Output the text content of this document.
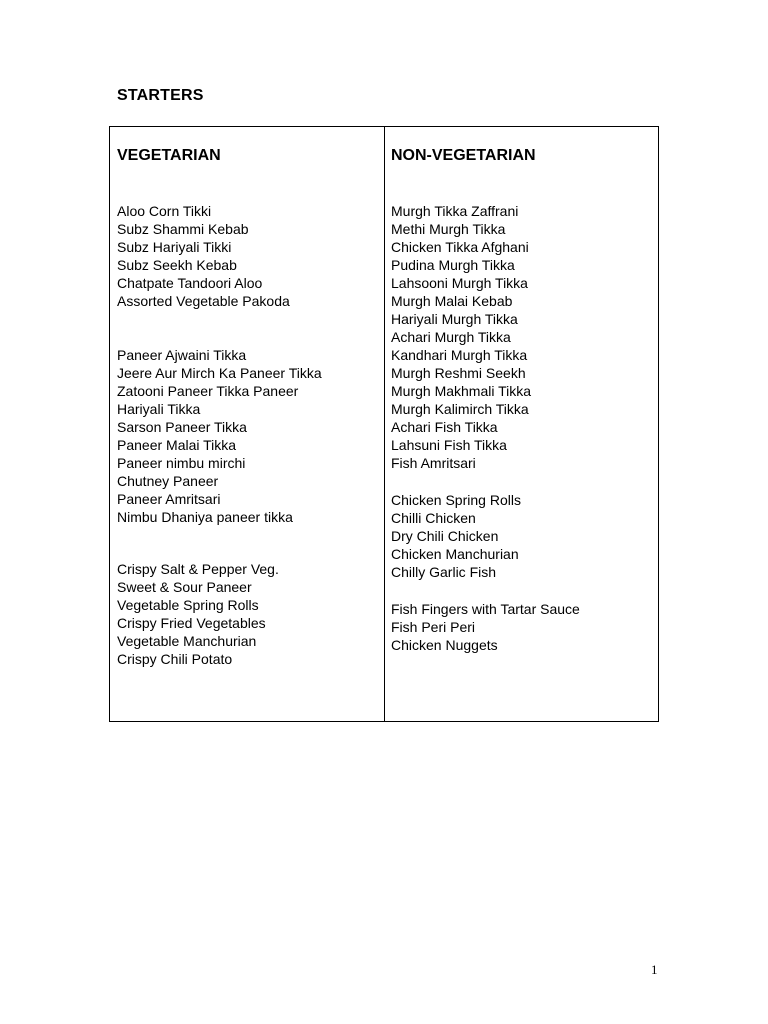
STARTERS
VEGETARIAN
Aloo Corn Tikki
Subz Shammi Kebab
Subz Hariyali Tikki
Subz Seekh Kebab
Chatpate Tandoori Aloo
Assorted Vegetable Pakoda
Paneer Ajwaini Tikka
Jeere Aur Mirch Ka Paneer Tikka
Zatooni Paneer Tikka Paneer
Hariyali Tikka
Sarson Paneer Tikka
Paneer Malai Tikka
Paneer nimbu mirchi
Chutney Paneer
Paneer Amritsari
Nimbu Dhaniya paneer tikka
Crispy Salt & Pepper Veg.
Sweet & Sour Paneer
Vegetable Spring Rolls
Crispy Fried Vegetables
Vegetable Manchurian
Crispy Chili Potato
NON-VEGETARIAN
Murgh Tikka Zaffrani
Methi Murgh Tikka
Chicken Tikka Afghani
Pudina Murgh Tikka
Lahsooni Murgh Tikka
Murgh Malai Kebab
Hariyali Murgh Tikka
Achari Murgh Tikka
Kandhari Murgh Tikka
Murgh Reshmi Seekh
Murgh Makhmali Tikka
Murgh Kalimirch Tikka
Achari Fish Tikka
Lahsuni Fish Tikka
Fish Amritsari
Chicken Spring Rolls
Chilli Chicken
Dry Chili Chicken
Chicken Manchurian
Chilly Garlic Fish
Fish Fingers with Tartar Sauce
Fish Peri Peri
Chicken Nuggets
1
